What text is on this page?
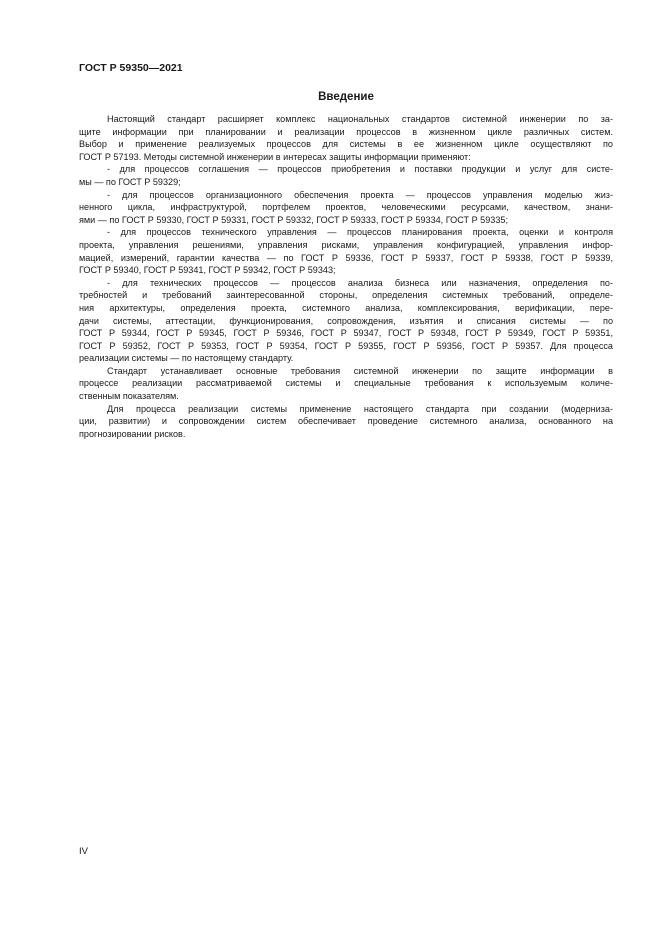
ГОСТ Р 59350—2021
Введение
Настоящий стандарт расширяет комплекс национальных стандартов системной инженерии по за-
щите информации при планировании и реализации процессов в жизненном цикле различных систем.
Выбор и применение реализуемых процессов для системы в ее жизненном цикле осуществляют по
ГОСТ Р 57193. Методы системной инженерии в интересах защиты информации применяют:
- для процессов соглашения — процессов приобретения и поставки продукции и услуг для систе-
мы — по ГОСТ Р 59329;
- для процессов организационного обеспечения проекта — процессов управления моделью жиз-
ненного цикла, инфраструктурой, портфелем проектов, человеческими ресурсами, качеством, знани-
ями — по ГОСТ Р 59330, ГОСТ Р 59331, ГОСТ Р 59332, ГОСТ Р 59333, ГОСТ Р 59334, ГОСТ Р 59335;
- для процессов технического управления — процессов планирования проекта, оценки и контроля
проекта, управления решениями, управления рисками, управления конфигурацией, управления инфор-
мацией, измерений, гарантии качества — по ГОСТ Р 59336, ГОСТ Р 59337, ГОСТ Р 59338, ГОСТ Р 59339,
ГОСТ Р 59340, ГОСТ Р 59341, ГОСТ Р 59342, ГОСТ Р 59343;
- для технических процессов — процессов анализа бизнеса или назначения, определения по-
требностей и требований заинтересованной стороны, определения системных требований, определе-
ния архитектуры, определения проекта, системного анализа, комплексирования, верификации, пере-
дачи системы, аттестации, функционирования, сопровождения, изъятия и списания системы — по
ГОСТ Р 59344, ГОСТ Р 59345, ГОСТ Р 59346, ГОСТ Р 59347, ГОСТ Р 59348, ГОСТ Р 59349, ГОСТ Р 59351,
ГОСТ Р 59352, ГОСТ Р 59353, ГОСТ Р 59354, ГОСТ Р 59355, ГОСТ Р 59356, ГОСТ Р 59357. Для процесса
реализации системы — по настоящему стандарту.
Стандарт устанавливает основные требования системной инженерии по защите информации в
процессе реализации рассматриваемой системы и специальные требования к используемым количе-
ственным показателям.
Для процесса реализации системы применение настоящего стандарта при создании (модерниза-
ции, развитии) и сопровождении систем обеспечивает проведение системного анализа, основанного на
прогнозировании рисков.
IV
